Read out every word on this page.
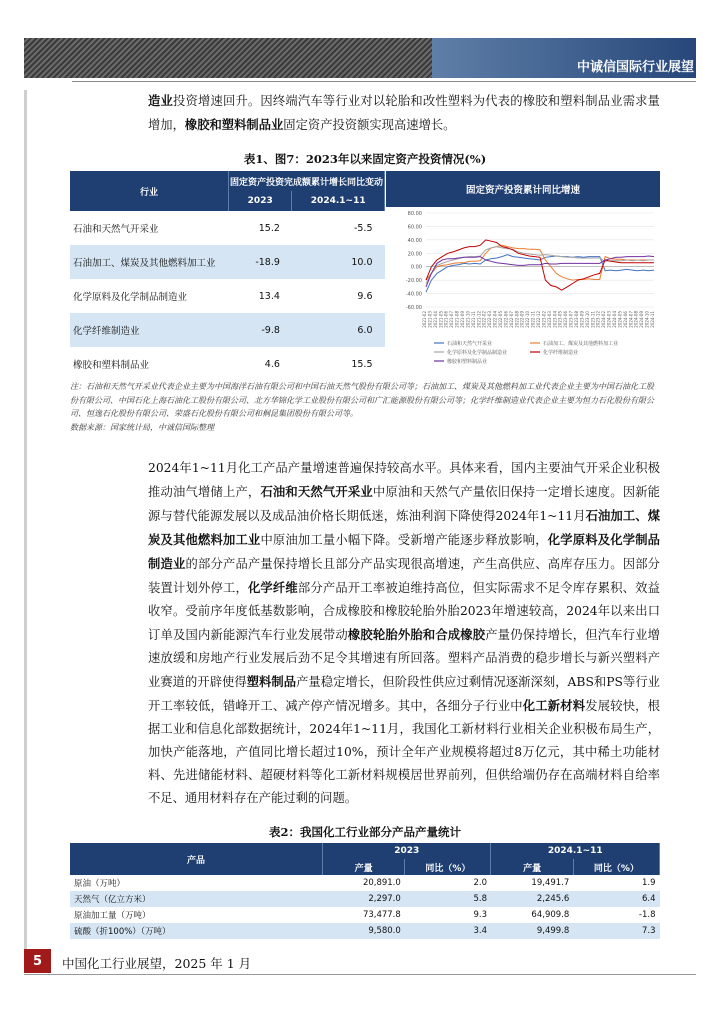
中诚信国际行业展望
造业投资增速回升。因终端汽车等行业对以轮胎和改性塑料为代表的橡胶和塑料制品业需求量增加，橡胶和塑料制品业固定资产投资额实现高速增长。
表1、图7：2023年以来固定资产投资情况(%)
行业	固定资产投资完成额累计增长同比变动	
	2023	2024.1~11
石油和天然气开采业	15.2	-5.5
石油加工、煤炭及其他燃料加工业	-18.9	10.0
化学原料及化学制品制造业	13.4	9.6
化学纤维制造业	-9.8	6.0
橡胶和塑料制品业	4.6	15.5
固定资产投资累计同比增速
80.00
60.00
40.00
20.00
0.00
-20.00
-40.00
-60.00
2021-02 2021-03 2021-04 2021-05 2021-06 2021-07 2021-08 2021-09 2021-10 2021-11 2021-12 2022-02 2022-03 2022-04 2022-05 2022-06 2022-07 2022-08 2022-09 2022-10 2022-11 2022-12 2023-02 2023-03 2023-04 2023-05 2023-06 2023-07 2023-08 2023-09 2023-10 2023-11 2023-12 2024-02 2024-03 2024-04 2024-05 2024-06 2024-07 2024-08 2024-09 2024-10 2024-11
石油和天然气开采业	石油加工、煤炭及其他燃料加工业
化学原料及化学制品制造业	化学纤维制造业
橡胶和塑料制品业
注：石油和天然气开采业代表企业主要为中国海洋石油有限公司和中国石油天然气股份有限公司等；石油加工、煤炭及其他燃料加工业代表企业主要为中国石油化工股份有限公司、中国石化上海石油化工股份有限公司、北方华锦化学工业股份有限公司和广汇能源股份有限公司等；化学纤维制造业代表企业主要为恒力石化股份有限公司、恒逸石化股份有限公司、荣盛石化股份有限公司和桐昆集团股份有限公司等。
数据来源：国家统计局，中诚信国际整理
2024年1~11月化工产品产量增速普遍保持较高水平。具体来看，国内主要油气开采企业积极推动油气增储上产，石油和天然气开采业中原油和天然气产量依旧保持一定增长速度。因新能源与替代能源发展以及成品油价格长期低迷，炼油利润下降使得2024年1~11月石油加工、煤炭及其他燃料加工业中原油加工量小幅下降。受新增产能逐步释放影响，化学原料及化学制品制造业的部分产品产量保持增长且部分产品实现很高增速，产生高供应、高库存压力。因部分装置计划外停工，化学纤维部分产品开工率被迫维持高位，但实际需求不足令库存累积、效益收窄。受前序年度低基数影响，合成橡胶和橡胶轮胎外胎2023年增速较高，2024年以来出口订单及国内新能源汽车行业发展带动橡胶轮胎外胎和合成橡胶产量仍保持增长，但汽车行业增速放缓和房地产行业发展后劲不足令其增速有所回落。塑料产品消费的稳步增长与新兴塑料产业赛道的开辟使得塑料制品产量稳定增长，但阶段性供应过剩情况逐渐深刻，ABS和PS等行业开工率较低，错峰开工、减产停产情况增多。其中，各细分子行业中化工新材料发展较快，根据工业和信息化部数据统计，2024年1~11月，我国化工新材料行业相关企业积极布局生产，加快产能落地，产值同比增长超过10%，预计全年产业规模将超过8万亿元，其中稀土功能材料、先进储能材料、超硬材料等化工新材料规模居世界前列，但供给端仍存在高端材料自给率不足、通用材料存在产能过剩的问题。
表2：我国化工行业部分产品产量统计
产品	2023		2024.1~11	
	产量	同比（%）	产量	同比（%）
原油（万吨）	20,891.0	2.0	19,491.7	1.9
天然气（亿立方米）	2,297.0	5.8	2,245.6	6.4
原油加工量（万吨）	73,477.8	9.3	64,909.8	-1.8
硫酸（折100%）（万吨）	9,580.0	3.4	9,499.8	7.3
5	中国化工行业展望，2025 年 1 月
